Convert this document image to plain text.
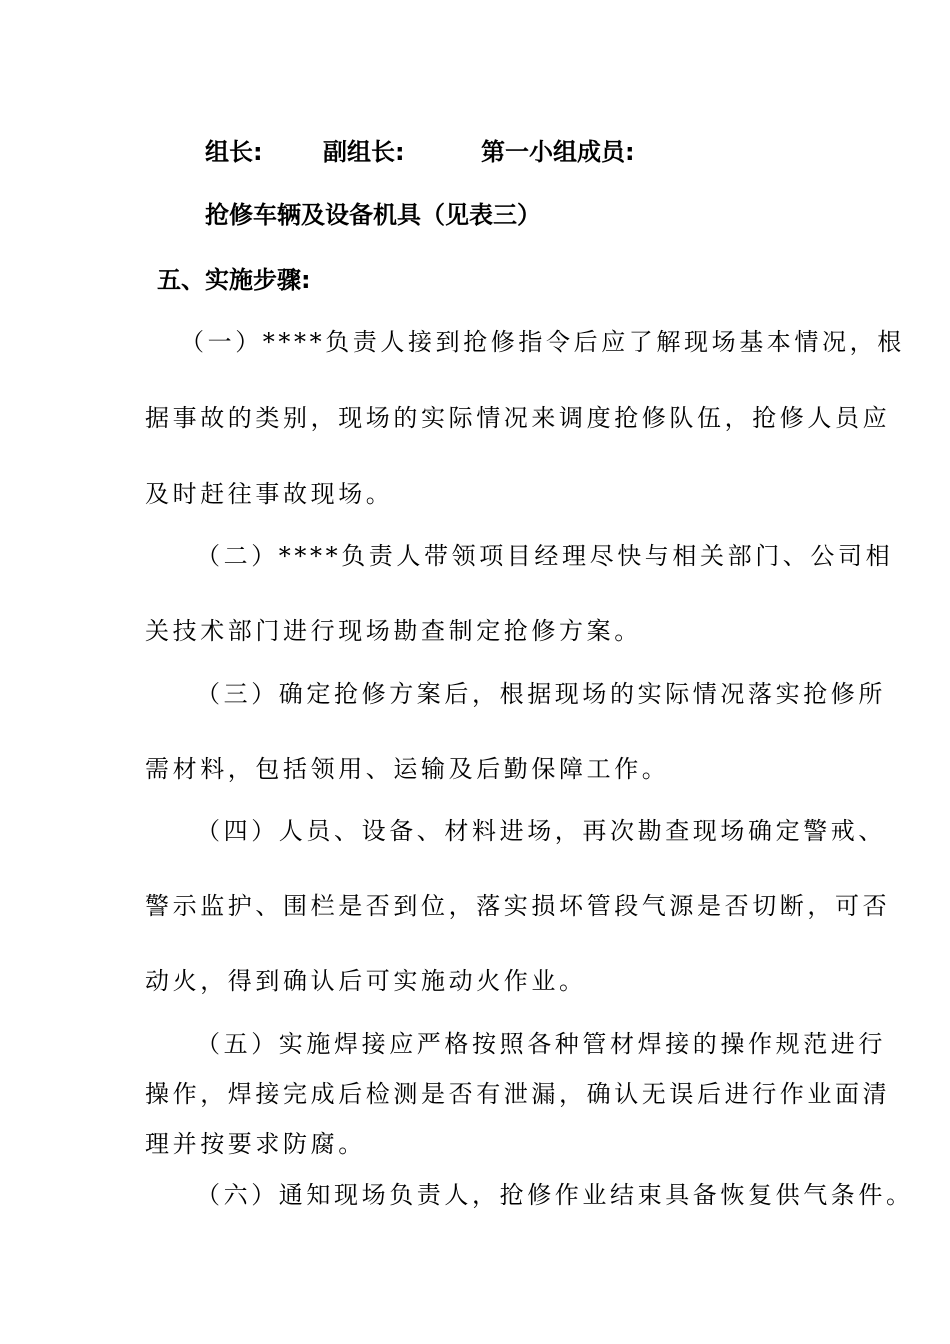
组长:	副组长:	第一小组成员:
抢修车辆及设备机具（见表三）
五、实施步骤:
（一）****负责人接到抢修指令后应了解现场基本情况，根
据事故的类别，现场的实际情况来调度抢修队伍，抢修人员应
及时赶往事故现场。
（二）****负责人带领项目经理尽快与相关部门、公司相
关技术部门进行现场勘查制定抢修方案。
（三）确定抢修方案后，根据现场的实际情况落实抢修所
需材料，包括领用、运输及后勤保障工作。
（四）人员、设备、材料进场，再次勘查现场确定警戒、
警示监护、围栏是否到位，落实损坏管段气源是否切断，可否
动火，得到确认后可实施动火作业。
（五）实施焊接应严格按照各种管材焊接的操作规范进行
操作，焊接完成后检测是否有泄漏，确认无误后进行作业面清
理并按要求防腐。
（六）通知现场负责人，抢修作业结束具备恢复供气条件。
